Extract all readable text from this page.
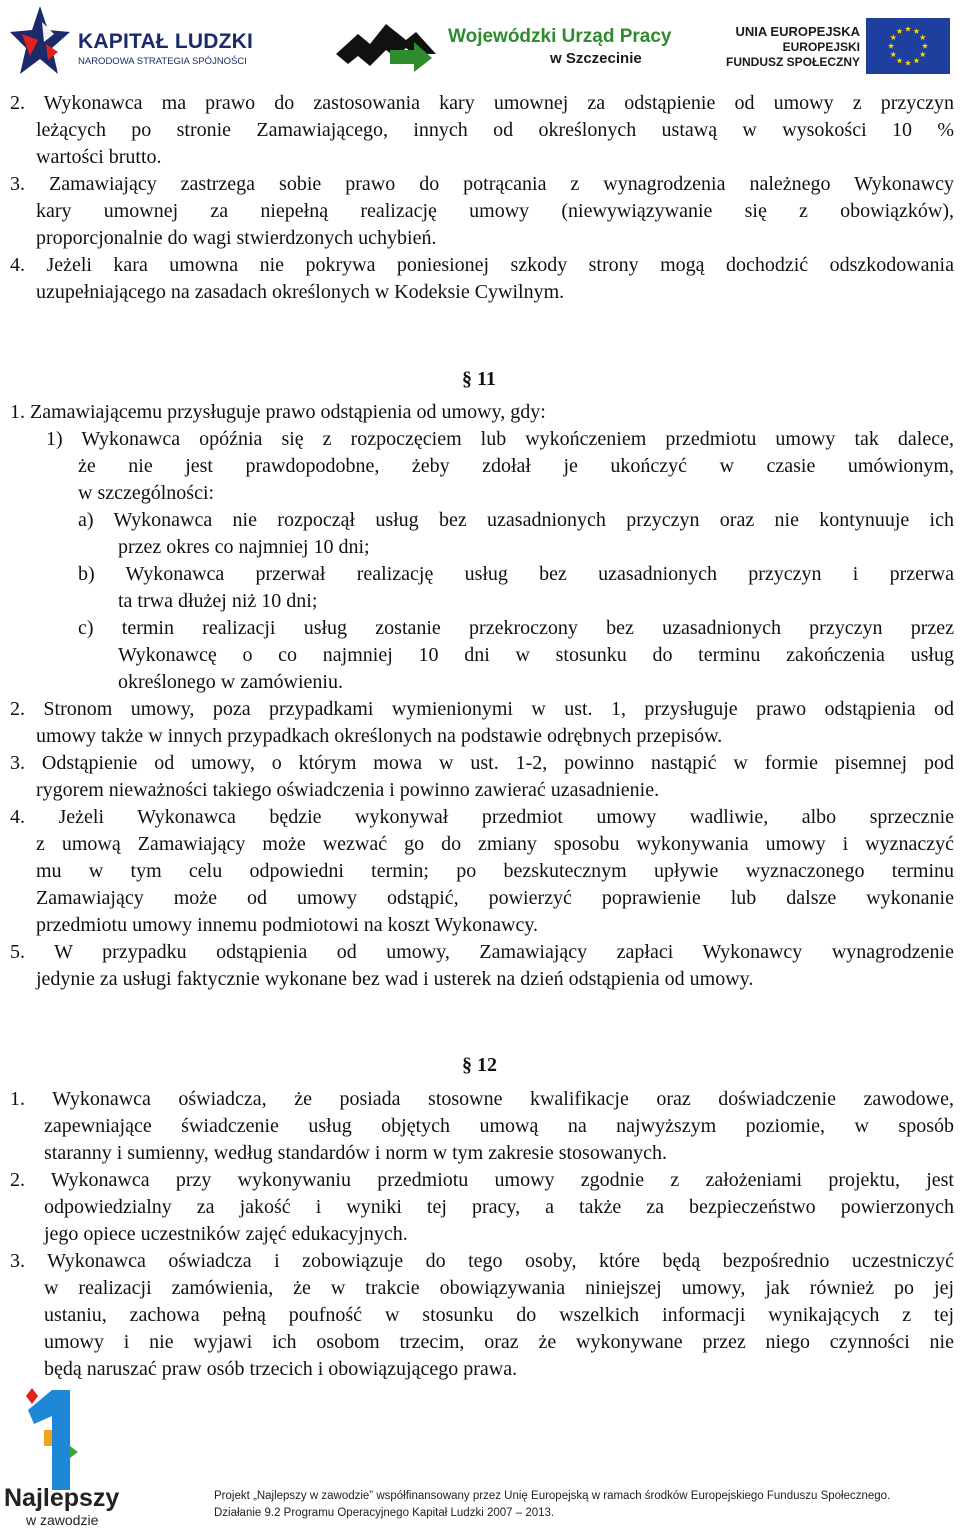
KAPITAŁ LUDZKI
NARODOWA STRATEGIA SPÓJNOŚCI
Wojewódzki Urząd Pracy
w Szczecinie
UNIA EUROPEJSKA
EUROPEJSKI
FUNDUSZ SPOŁECZNY
2. Wykonawca ma prawo do zastosowania kary umownej za odstąpienie od umowy z przyczyn
leżących po stronie Zamawiającego, innych od określonych ustawą w wysokości 10 %
wartości brutto.
3. Zamawiający zastrzega sobie prawo do potrącania z wynagrodzenia należnego Wykonawcy
kary umownej za niepełną realizację umowy (niewywiązywanie się z obowiązków),
proporcjonalnie do wagi stwierdzonych uchybień.
4. Jeżeli kara umowna nie pokrywa poniesionej szkody strony mogą dochodzić odszkodowania
uzupełniającego na zasadach określonych w Kodeksie Cywilnym.
1. Zamawiającemu przysługuje prawo odstąpienia od umowy, gdy:
1) Wykonawca opóźnia się z rozpoczęciem lub wykończeniem przedmiotu umowy tak dalece,
że nie jest prawdopodobne, żeby zdołał je ukończyć w czasie umówionym,
w szczególności:
a) Wykonawca nie rozpoczął usług bez uzasadnionych przyczyn oraz nie kontynuuje ich
przez okres co najmniej 10 dni;
b) Wykonawca przerwał realizację usług bez uzasadnionych przyczyn i przerwa
ta trwa dłużej niż 10 dni;
c) termin realizacji usług zostanie przekroczony bez uzasadnionych przyczyn przez
Wykonawcę o co najmniej 10 dni w stosunku do terminu zakończenia usług
określonego w zamówieniu.
2. Stronom umowy, poza przypadkami wymienionymi w ust. 1, przysługuje prawo odstąpienia od
umowy także w innych przypadkach określonych na podstawie odrębnych przepisów.
3. Odstąpienie od umowy, o którym mowa w ust. 1-2, powinno nastąpić w formie pisemnej pod
rygorem nieważności takiego oświadczenia i powinno zawierać uzasadnienie.
4. Jeżeli Wykonawca będzie wykonywał przedmiot umowy wadliwie, albo sprzecznie
z umową Zamawiający może wezwać go do zmiany sposobu wykonywania umowy i wyznaczyć
mu w tym celu odpowiedni termin; po bezskutecznym upływie wyznaczonego terminu
Zamawiający może od umowy odstąpić, powierzyć poprawienie lub dalsze wykonanie
przedmiotu umowy innemu podmiotowi na koszt Wykonawcy.
5. W przypadku odstąpienia od umowy, Zamawiający zapłaci Wykonawcy wynagrodzenie
jedynie za usługi faktycznie wykonane bez wad i usterek na dzień odstąpienia od umowy.
1. Wykonawca oświadcza, że posiada stosowne kwalifikacje oraz doświadczenie zawodowe,
zapewniające świadczenie usług objętych umową na najwyższym poziomie, w sposób
staranny i sumienny, według standardów i norm w tym zakresie stosowanych.
2. Wykonawca przy wykonywaniu przedmiotu umowy zgodnie z założeniami projektu, jest
odpowiedzialny za jakość i wyniki tej pracy, a także za bezpieczeństwo powierzonych
jego opiece uczestników zajęć edukacyjnych.
3. Wykonawca oświadcza i zobowiązuje do tego osoby, które będą bezpośrednio uczestniczyć
w realizacji zamówienia, że w trakcie obowiązywania niniejszej umowy, jak również po jej
ustaniu, zachowa pełną poufność w stosunku do wszelkich informacji wynikających z tej
umowy i nie wyjawi ich osobom trzecim, oraz że wykonywane przez niego czynności nie
będą naruszać praw osób trzecich i obowiązującego prawa.
§ 11
§ 12
Najlepszy
w zawodzie
Projekt „Najlepszy w zawodzie” współfinansowany przez Unię Europejską w ramach środków Europejskiego Funduszu Społecznego.
Działanie 9.2 Programu Operacyjnego Kapitał Ludzki 2007 – 2013.
